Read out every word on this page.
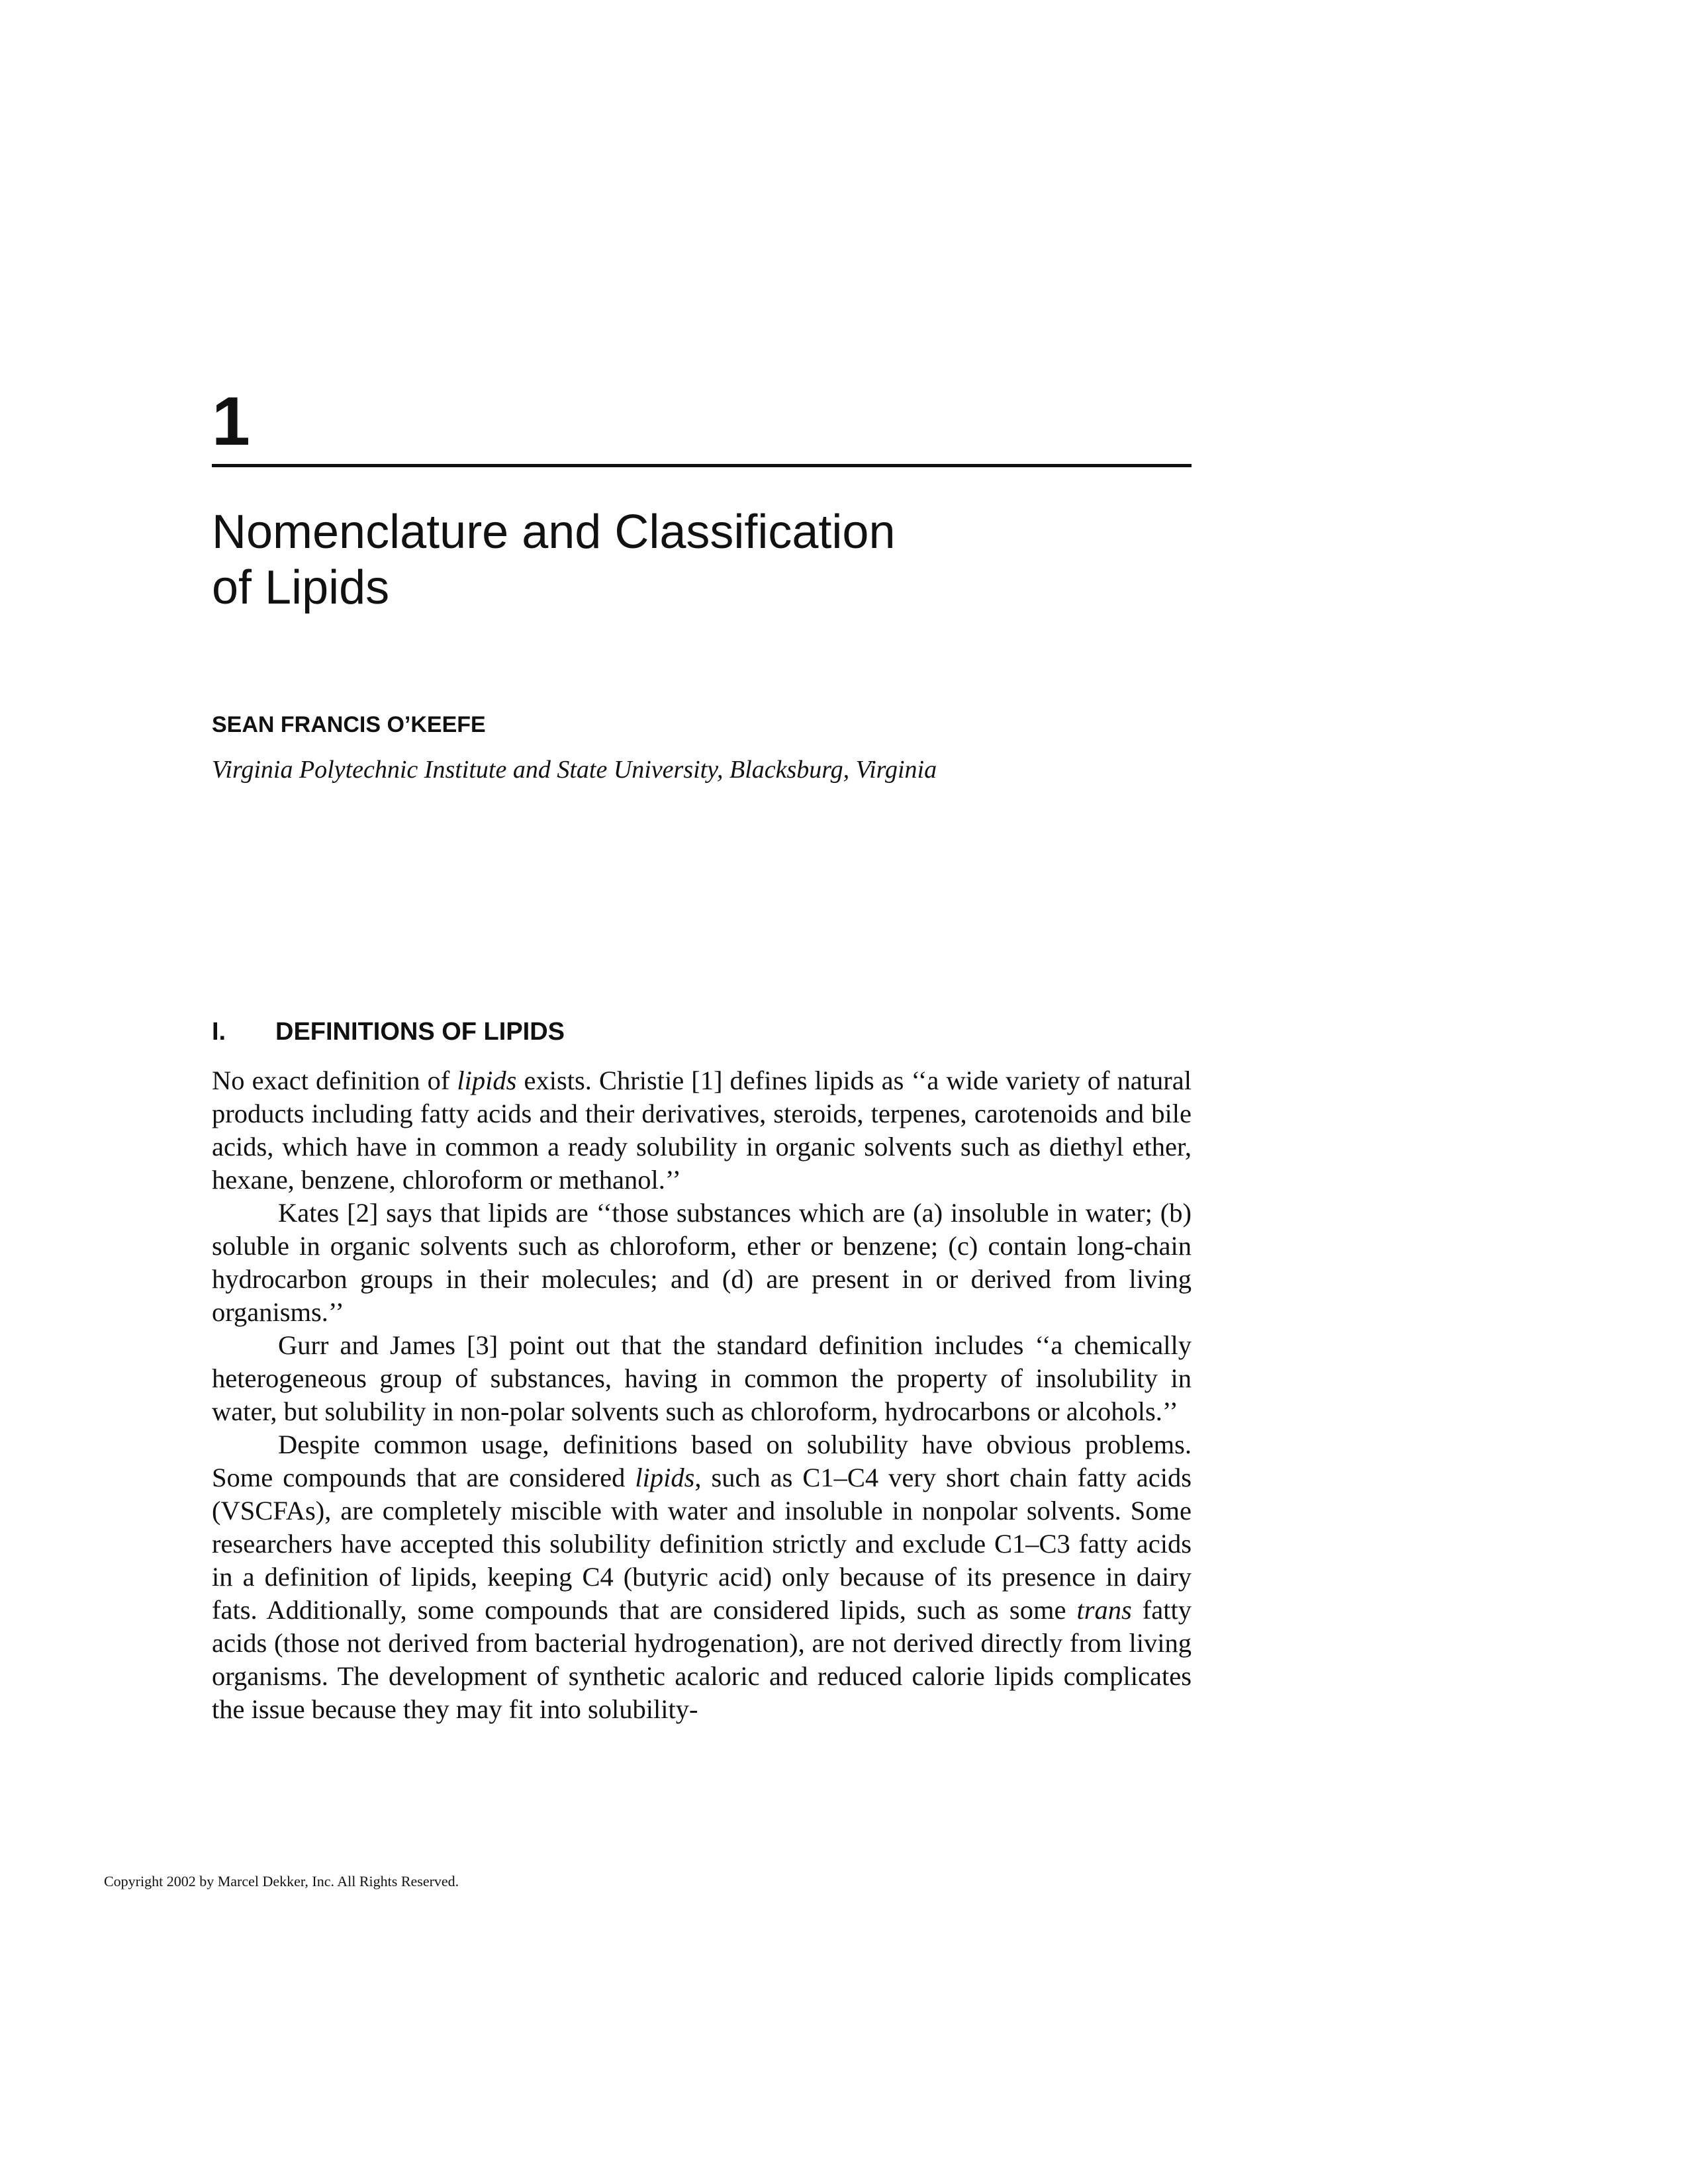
1
Nomenclature and Classification
of Lipids
SEAN FRANCIS O’KEEFE
Virginia Polytechnic Institute and State University, Blacksburg, Virginia
I. DEFINITIONS OF LIPIDS

No exact definition of lipids exists. Christie [1] defines lipids as ‘‘a wide variety of natural products including fatty acids and their derivatives, steroids, terpenes, carotenoids and bile acids, which have in common a ready solubility in organic solvents such as diethyl ether, hexane, benzene, chloroform or methanol.’’

Kates [2] says that lipids are ‘‘those substances which are (a) insoluble in water; (b) soluble in organic solvents such as chloroform, ether or benzene; (c) contain long-chain hydrocarbon groups in their molecules; and (d) are present in or derived from living organisms.’’

Gurr and James [3] point out that the standard definition includes ‘‘a chemically heterogeneous group of substances, having in common the property of insolubility in water, but solubility in non-polar solvents such as chloroform, hydrocarbons or alcohols.’’

Despite common usage, definitions based on solubility have obvious problems. Some compounds that are considered lipids, such as C1–C4 very short chain fatty acids (VSCFAs), are completely miscible with water and insoluble in nonpolar solvents. Some researchers have accepted this solubility definition strictly and exclude C1–C3 fatty acids in a definition of lipids, keeping C4 (butyric acid) only because of its presence in dairy fats. Additionally, some compounds that are considered lipids, such as some trans fatty acids (those not derived from bacterial hydrogenation), are not derived directly from living organisms. The development of synthetic acaloric and reduced calorie lipids complicates the issue because they may fit into solubility-

Copyright 2002 by Marcel Dekker, Inc. All Rights Reserved.
